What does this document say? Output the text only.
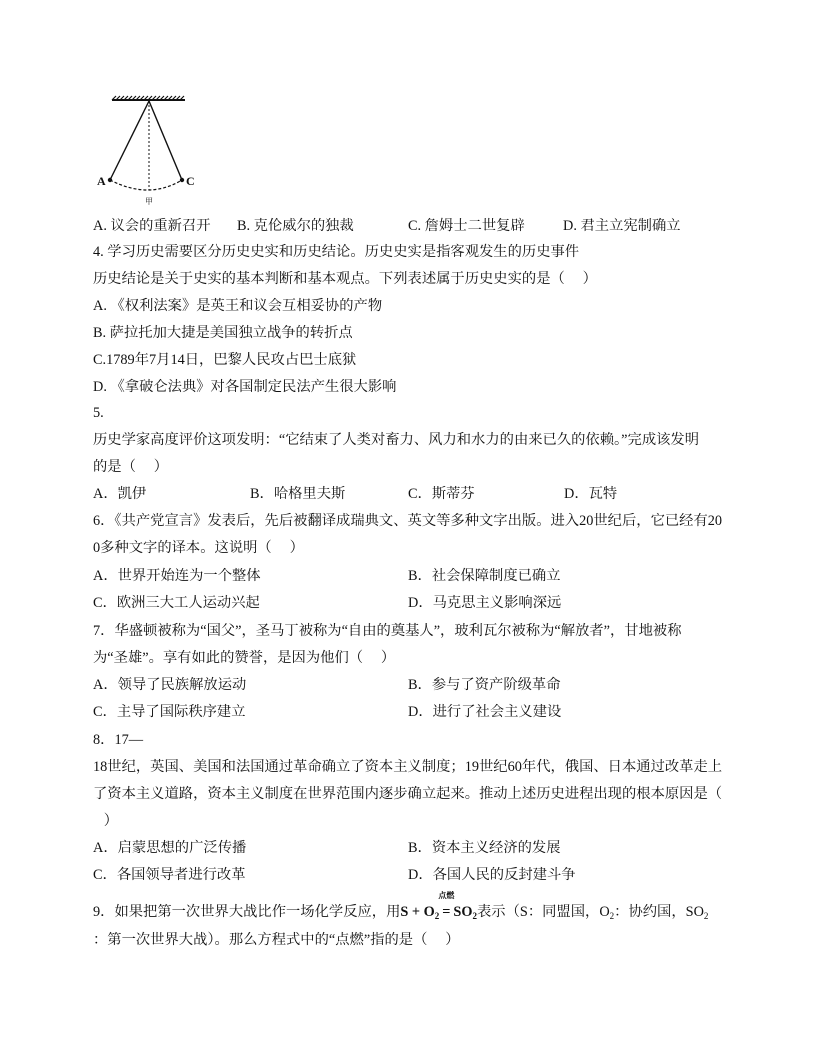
A	C
甲
A. 议会的重新召开 B. 克伦威尔的独裁	C. 詹姆士二世复辟	D. 君主立宪制确立
4. 学习历史需要区分历史史实和历史结论。历史史实是指客观发生的历史事件
历史结论是关于史实的基本判断和基本观点。下列表述属于历史史实的是（     ）
A. 《权利法案》是英王和议会互相妥协的产物
B. 萨拉托加大捷是美国独立战争的转折点
C.1789年7月14日，巴黎人民攻占巴士底狱
D. 《拿破仑法典》对各国制定民法产生很大影响
5.
历史学家高度评价这项发明：“它结束了人类对畜力、风力和水力的由来已久的依赖。”完成该发明
的是（     ）
A．凯伊	B．哈格里夫斯	C．斯蒂芬	D．瓦特
6．《共产党宣言》发表后，先后被翻译成瑞典文、英文等多种文字出版。进入20世纪后，它已经有20
0多种文字的译本。这说明（     ）
A．世界开始连为一个整体	B．社会保障制度已确立
C．欧洲三大工人运动兴起	D．马克思主义影响深远
7．华盛顿被称为“国父”，圣马丁被称为“自由的奠基人”，玻利瓦尔被称为“解放者”，甘地被称
为“圣雄”。享有如此的赞誉，是因为他们（     ）
A．领导了民族解放运动	B．参与了资产阶级革命
C．主导了国际秩序建立	D．进行了社会主义建设
8．17—
18世纪，英国、美国和法国通过革命确立了资本主义制度；19世纪60年代，俄国、日本通过改革走上
了资本主义道路，资本主义制度在世界范围内逐步确立起来。推动上述历史进程出现的根本原因是（
）
A．启蒙思想的广泛传播	B．资本主义经济的发展
C．各国领导者进行改革	D．各国人民的反封建斗争
9．如果把第一次世界大战比作一场化学反应，用$S + O_2$
点燃
= $SO_2$表示（S：同盟国，$O_2$：协约国，$SO_2$
：第一次世界大战）。那么方程式中的“点燃”指的是（     ）
